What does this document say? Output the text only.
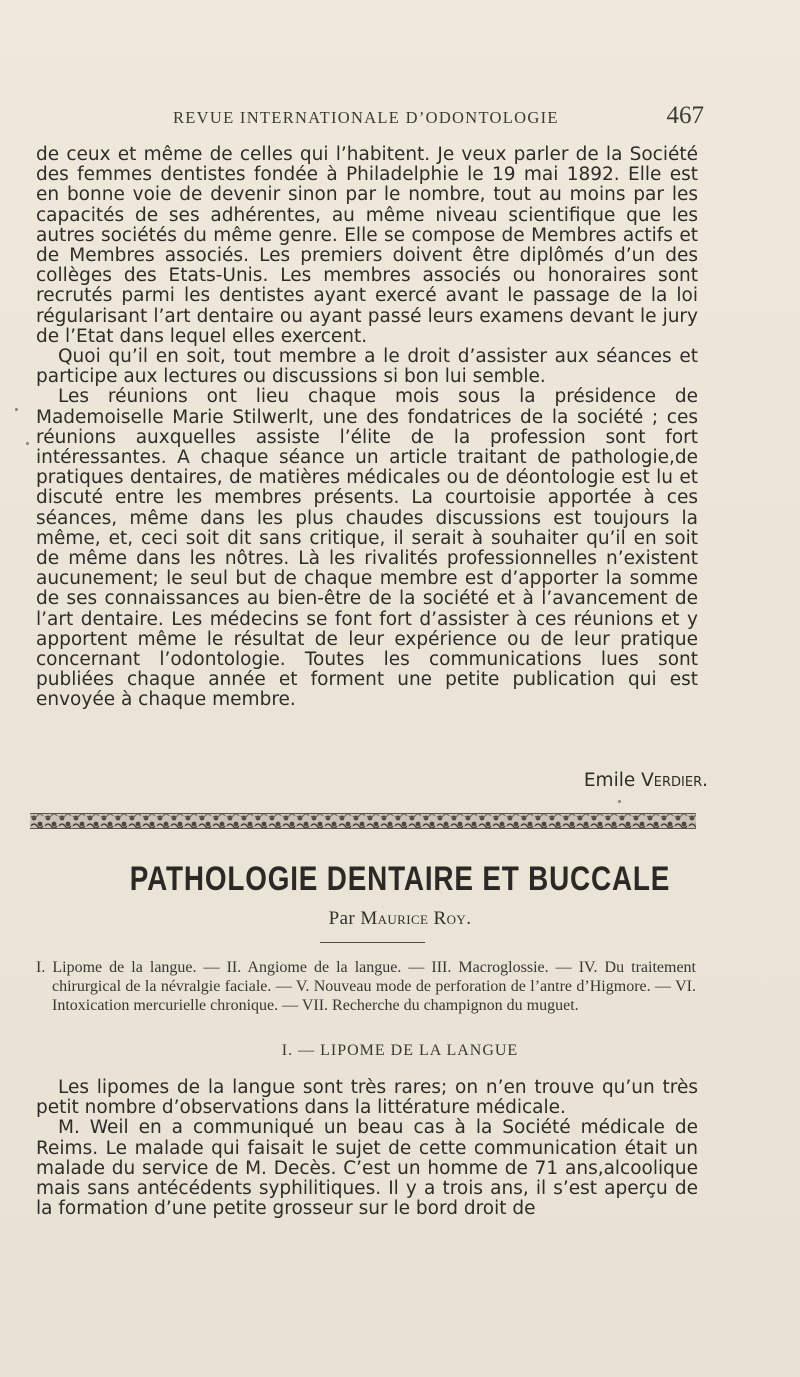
REVUE INTERNATIONALE D’ODONTOLOGIE	467

de ceux et même de celles qui l’habitent. Je veux parler de la Société des femmes dentistes fondée à Philadelphie le 19 mai 1892. Elle est en bonne voie de devenir sinon par le nombre, tout au moins par les capacités de ses adhérentes, au même niveau scientifique que les autres sociétés du même genre. Elle se compose de Membres actifs et de Membres associés. Les premiers doivent être diplômés d’un des collèges des Etats-Unis. Les membres associés ou honoraires sont recrutés parmi les dentistes ayant exercé avant le passage de la loi régularisant l’art dentaire ou ayant passé leurs examens devant le jury de l’Etat dans lequel elles exercent.

Quoi qu’il en soit, tout membre a le droit d’assister aux séances et participe aux lectures ou discussions si bon lui semble.

Les réunions ont lieu chaque mois sous la présidence de Mademoiselle Marie Stilwerlt, une des fondatrices de la société ; ces réunions auxquelles assiste l’élite de la profession sont fort intéressantes. A chaque séance un article traitant de pathologie,de pratiques dentaires, de matières médicales ou de déontologie est lu et discuté entre les membres présents. La courtoisie apportée à ces séances, même dans les plus chaudes discussions est toujours la même, et, ceci soit dit sans critique, il serait à souhaiter qu’il en soit de même dans les nôtres. Là les rivalités professionnelles n’existent aucunement; le seul but de chaque membre est d’apporter la somme de ses connaissances au bien-être de la société et à l’avancement de l’art dentaire. Les médecins se font fort d’assister à ces réunions et y apportent même le résultat de leur expérience ou de leur pratique concernant l’odontologie. Toutes les communications lues sont publiées chaque année et forment une petite publication qui est envoyée à chaque membre.

Emile Verdier.
PATHOLOGIE DENTAIRE ET BUCCALE
Par Maurice Roy.
I. Lipome de la langue. — II. Angiome de la langue. — III. Macroglossie. — IV. Du traitement chirurgical de la névralgie faciale. — V. Nouveau mode de perforation de l’antre d’Higmore. — VI. Intoxication mercurielle chronique. — VII. Recherche du champignon du muguet.
I. — LIPOME DE LA LANGUE

Les lipomes de la langue sont très rares; on n’en trouve qu’un très petit nombre d’observations dans la littérature médicale.

M. Weil en a communiqué un beau cas à la Société médicale de Reims. Le malade qui faisait le sujet de cette communication était un malade du service de M. Decès. C’est un homme de 71 ans,alcoolique mais sans antécédents syphilitiques. Il y a trois ans, il s’est aperçu de la formation d’une petite grosseur sur le bord droit de
